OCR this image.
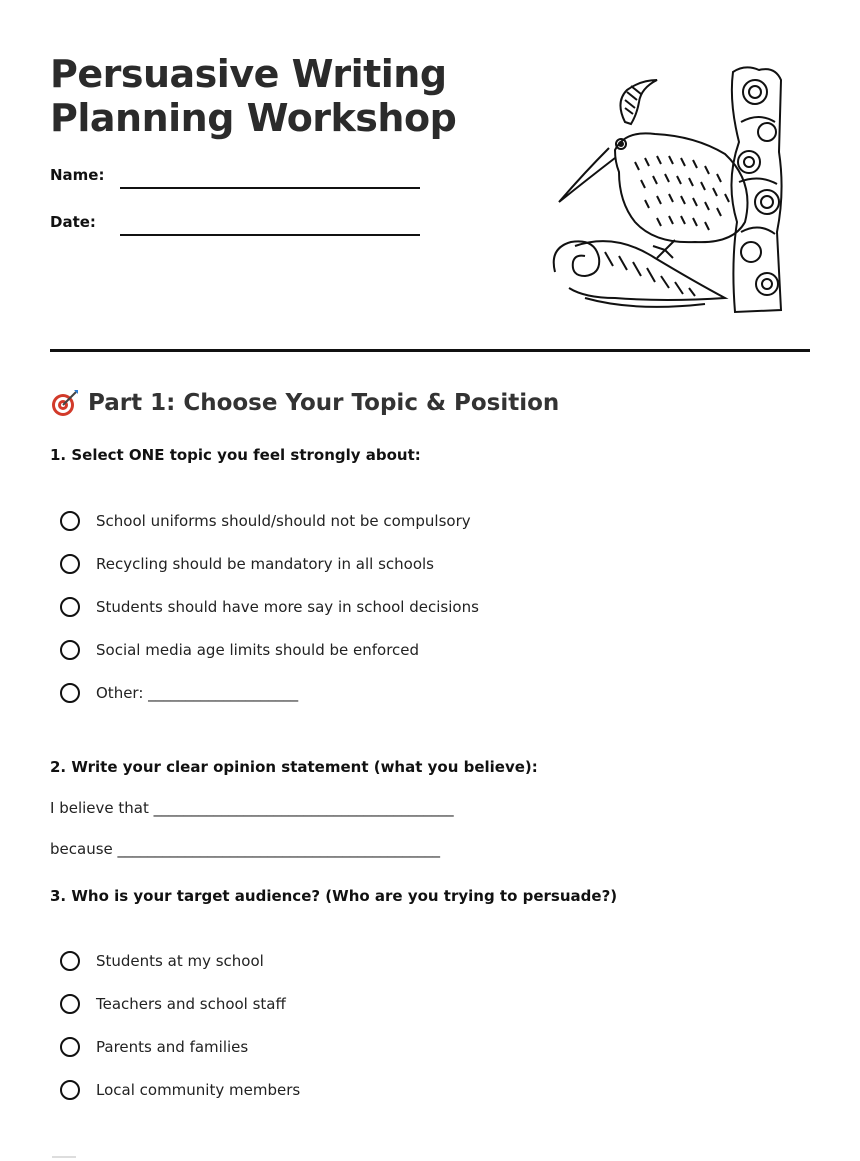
Persuasive Writing
Planning Workshop
Name:
Date:
Part 1: Choose Your Topic & Position
1. Select ONE topic you feel strongly about:
School uniforms should/should not be compulsory
Recycling should be mandatory in all schools
Students should have more say in school decisions
Social media age limits should be enforced
Other: ____________________
2. Write your clear opinion statement (what you believe):
I believe that ________________________________________
because ___________________________________________
3. Who is your target audience? (Who are you trying to persuade?)
Students at my school
Teachers and school staff
Parents and families
Local community members
